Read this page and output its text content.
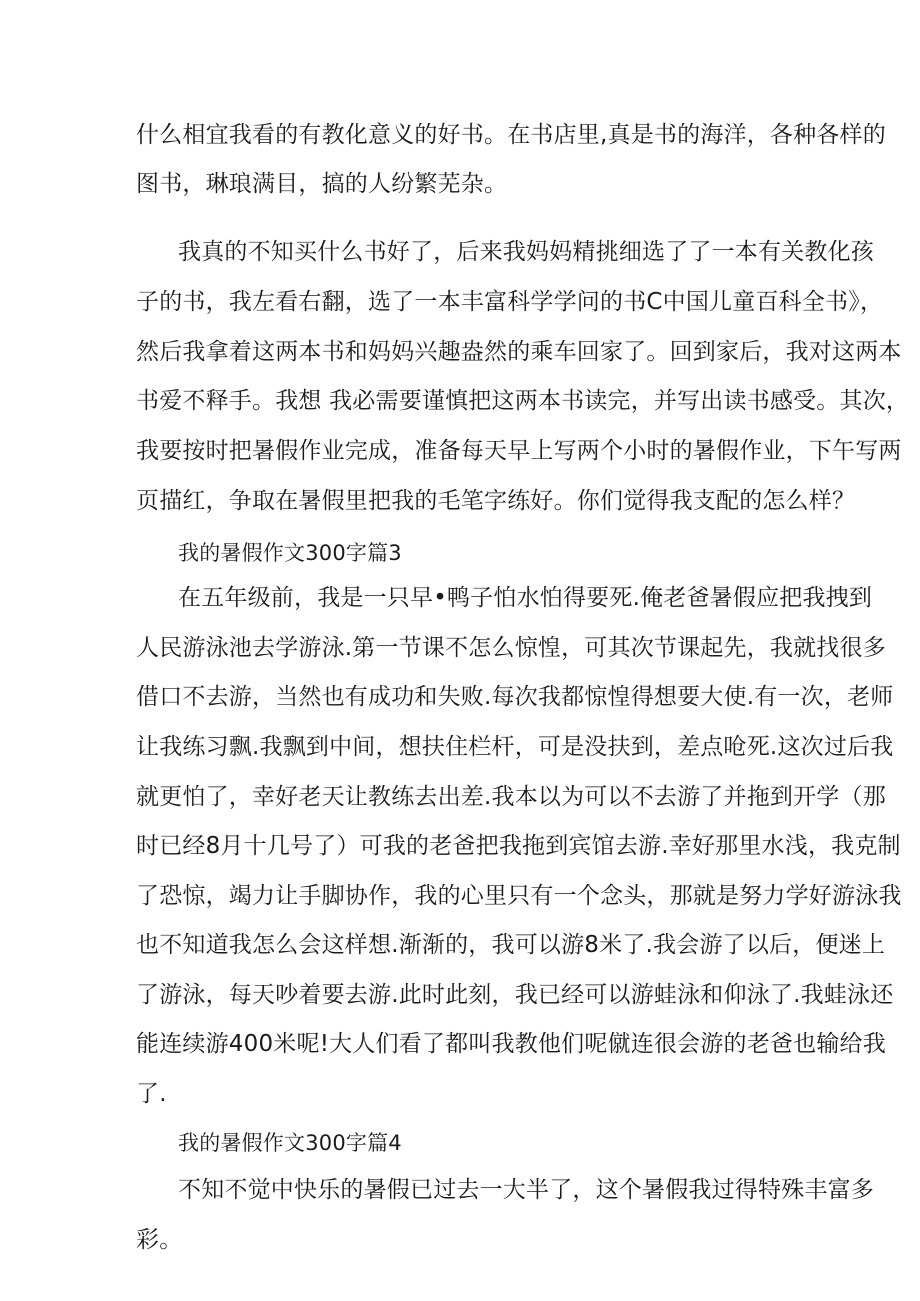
什么相宜我看的有教化意义的好书。在书店里,真是书的海洋，各种各样的
图书，琳琅满目，搞的人纷繁芜杂。
我真的不知买什么书好了，后来我妈妈精挑细选了了一本有关教化孩
子的书，我左看右翻，选了一本丰富科学学问的书C中国儿童百科全书》，
然后我拿着这两本书和妈妈兴趣盎然的乘车回家了。回到家后，我对这两本
书爱不释手。我想 我必需要谨慎把这两本书读完，并写出读书感受。其次，
我要按时把暑假作业完成，准备每天早上写两个小时的暑假作业，下午写两
页描红，争取在暑假里把我的毛笔字练好。你们觉得我支配的怎么样？
我的暑假作文300字篇3
在五年级前，我是一只早•鸭子怕水怕得要死.俺老爸暑假应把我拽到
人民游泳池去学游泳.第一节课不怎么惊惶，可其次节课起先，我就找很多
借口不去游，当然也有成功和失败.每次我都惊惶得想要大使.有一次，老师
让我练习飘.我飘到中间，想扶住栏杆，可是没扶到，差点呛死.这次过后我
就更怕了，幸好老天让教练去出差.我本以为可以不去游了并拖到开学（那
时已经8月十几号了）可我的老爸把我拖到宾馆去游.幸好那里水浅，我克制
了恐惊，竭力让手脚协作，我的心里只有一个念头，那就是努力学好游泳我
也不知道我怎么会这样想.渐渐的，我可以游8米了.我会游了以后，便迷上
了游泳，每天吵着要去游.此时此刻，我已经可以游蛙泳和仰泳了.我蛙泳还
能连续游400米呢!大人们看了都叫我教他们呢僦连很会游的老爸也输给我
了.
我的暑假作文300字篇4
不知不觉中快乐的暑假已过去一大半了，这个暑假我过得特殊丰富多
彩。
